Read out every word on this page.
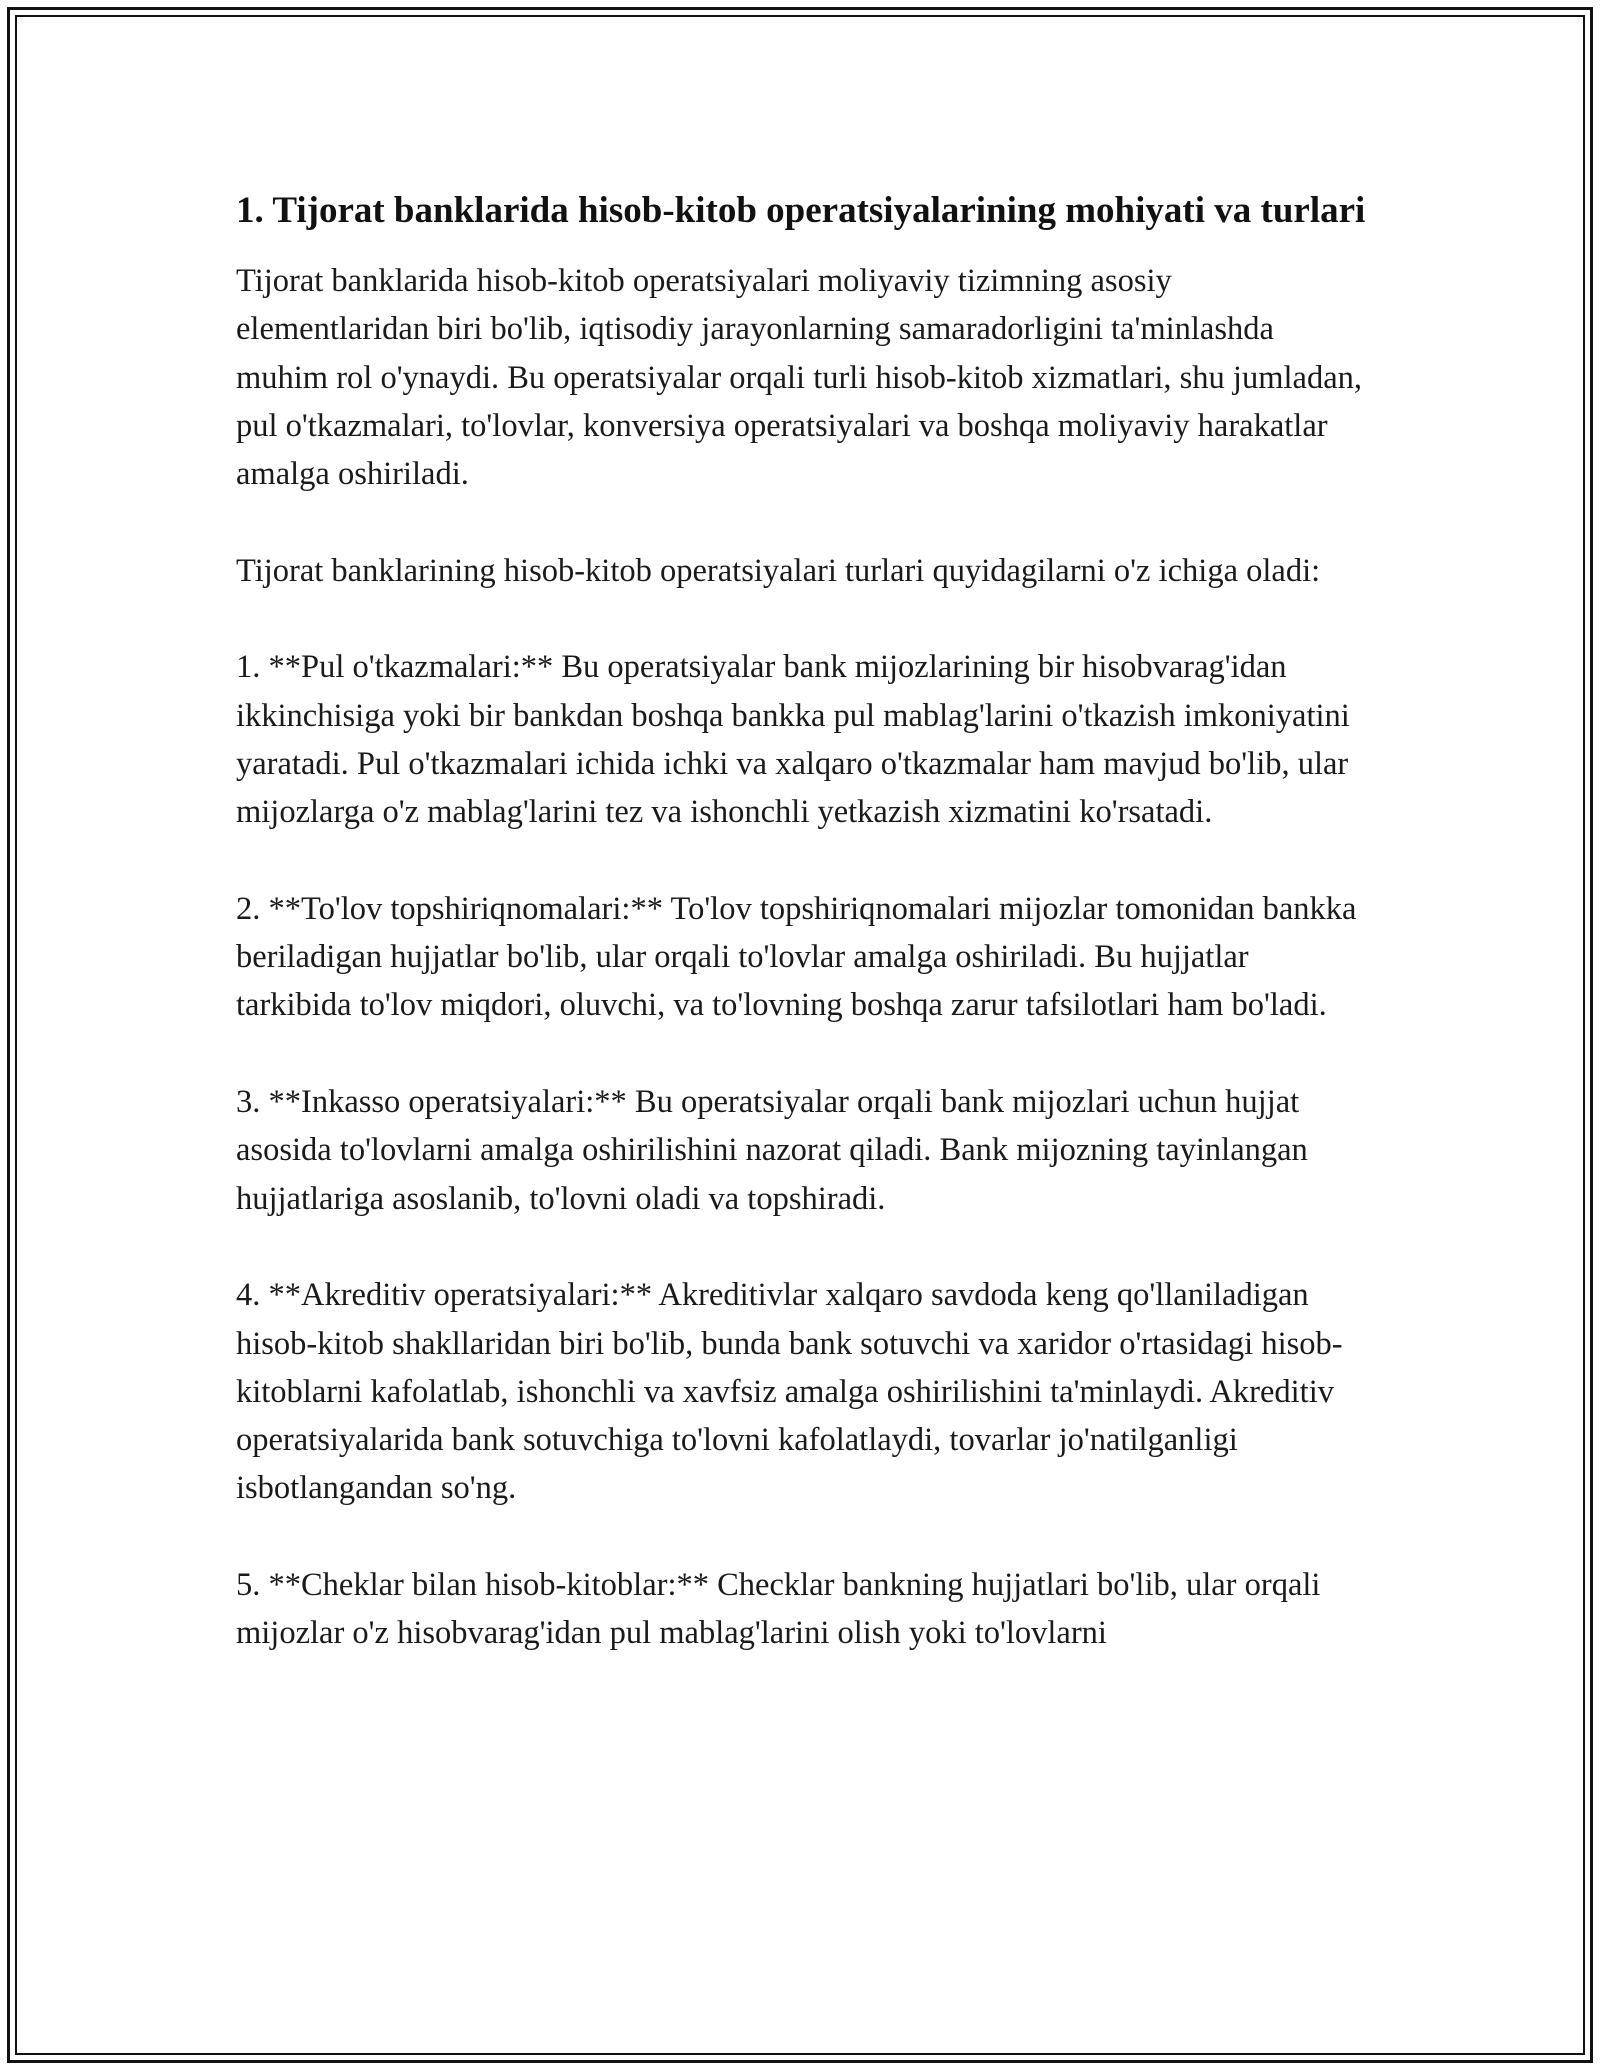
1. Tijorat banklarida hisob-kitob operatsiyalarining mohiyati va turlari

Tijorat banklarida hisob-kitob operatsiyalari moliyaviy tizimning asosiy elementlaridan biri bo'lib, iqtisodiy jarayonlarning samaradorligini ta'minlashda muhim rol o'ynaydi. Bu operatsiyalar orqali turli hisob-kitob xizmatlari, shu jumladan, pul o'tkazmalari, to'lovlar, konversiya operatsiyalari va boshqa moliyaviy harakatlar amalga oshiriladi.

Tijorat banklarining hisob-kitob operatsiyalari turlari quyidagilarni o'z ichiga oladi:

1. **Pul o'tkazmalari:** Bu operatsiyalar bank mijozlarining bir hisobvarag'idan ikkinchisiga yoki bir bankdan boshqa bankka pul mablag'larini o'tkazish imkoniyatini yaratadi. Pul o'tkazmalari ichida ichki va xalqaro o'tkazmalar ham mavjud bo'lib, ular mijozlarga o'z mablag'larini tez va ishonchli yetkazish xizmatini ko'rsatadi.

2. **To'lov topshiriqnomalari:** To'lov topshiriqnomalari mijozlar tomonidan bankka beriladigan hujjatlar bo'lib, ular orqali to'lovlar amalga oshiriladi. Bu hujjatlar tarkibida to'lov miqdori, oluvchi, va to'lovning boshqa zarur tafsilotlari ham bo'ladi.

3. **Inkasso operatsiyalari:** Bu operatsiyalar orqali bank mijozlari uchun hujjat asosida to'lovlarni amalga oshirilishini nazorat qiladi. Bank mijozning tayinlangan hujjatlariga asoslanib, to'lovni oladi va topshiradi.

4. **Akreditiv operatsiyalari:** Akreditivlar xalqaro savdoda keng qo'llaniladigan hisob-kitob shakllaridan biri bo'lib, bunda bank sotuvchi va xaridor o'rtasidagi hisob-kitoblarni kafolatlab, ishonchli va xavfsiz amalga oshirilishini ta'minlaydi. Akreditiv operatsiyalarida bank sotuvchiga to'lovni kafolatlaydi, tovarlar jo'natilganligi isbotlangandan so'ng.

5. **Cheklar bilan hisob-kitoblar:** Checklar bankning hujjatlari bo'lib, ular orqali mijozlar o'z hisobvarag'idan pul mablag'larini olish yoki to'lovlarni
